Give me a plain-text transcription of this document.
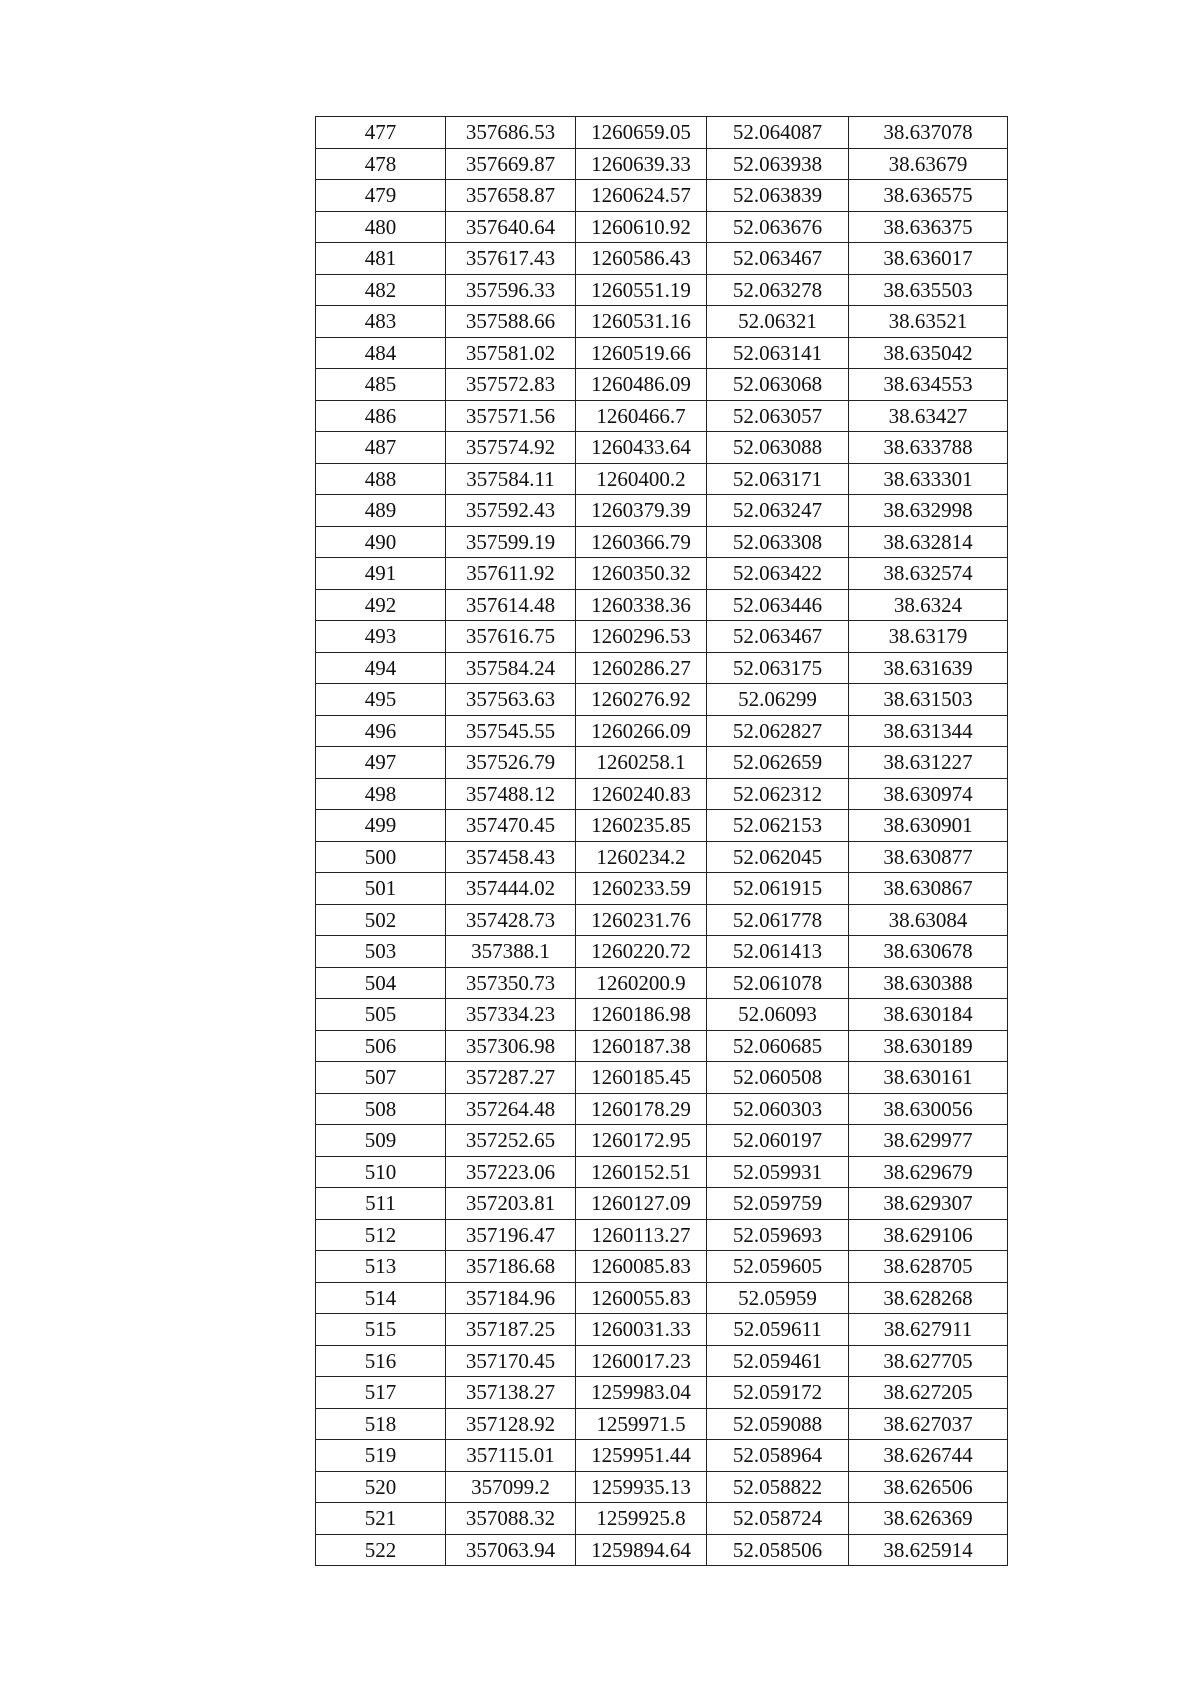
477	357686.53	1260659.05	52.064087	38.637078
478	357669.87	1260639.33	52.063938	38.63679
479	357658.87	1260624.57	52.063839	38.636575
480	357640.64	1260610.92	52.063676	38.636375
481	357617.43	1260586.43	52.063467	38.636017
482	357596.33	1260551.19	52.063278	38.635503
483	357588.66	1260531.16	52.06321	38.63521
484	357581.02	1260519.66	52.063141	38.635042
485	357572.83	1260486.09	52.063068	38.634553
486	357571.56	1260466.7	52.063057	38.63427
487	357574.92	1260433.64	52.063088	38.633788
488	357584.11	1260400.2	52.063171	38.633301
489	357592.43	1260379.39	52.063247	38.632998
490	357599.19	1260366.79	52.063308	38.632814
491	357611.92	1260350.32	52.063422	38.632574
492	357614.48	1260338.36	52.063446	38.6324
493	357616.75	1260296.53	52.063467	38.63179
494	357584.24	1260286.27	52.063175	38.631639
495	357563.63	1260276.92	52.06299	38.631503
496	357545.55	1260266.09	52.062827	38.631344
497	357526.79	1260258.1	52.062659	38.631227
498	357488.12	1260240.83	52.062312	38.630974
499	357470.45	1260235.85	52.062153	38.630901
500	357458.43	1260234.2	52.062045	38.630877
501	357444.02	1260233.59	52.061915	38.630867
502	357428.73	1260231.76	52.061778	38.63084
503	357388.1	1260220.72	52.061413	38.630678
504	357350.73	1260200.9	52.061078	38.630388
505	357334.23	1260186.98	52.06093	38.630184
506	357306.98	1260187.38	52.060685	38.630189
507	357287.27	1260185.45	52.060508	38.630161
508	357264.48	1260178.29	52.060303	38.630056
509	357252.65	1260172.95	52.060197	38.629977
510	357223.06	1260152.51	52.059931	38.629679
511	357203.81	1260127.09	52.059759	38.629307
512	357196.47	1260113.27	52.059693	38.629106
513	357186.68	1260085.83	52.059605	38.628705
514	357184.96	1260055.83	52.05959	38.628268
515	357187.25	1260031.33	52.059611	38.627911
516	357170.45	1260017.23	52.059461	38.627705
517	357138.27	1259983.04	52.059172	38.627205
518	357128.92	1259971.5	52.059088	38.627037
519	357115.01	1259951.44	52.058964	38.626744
520	357099.2	1259935.13	52.058822	38.626506
521	357088.32	1259925.8	52.058724	38.626369
522	357063.94	1259894.64	52.058506	38.625914
